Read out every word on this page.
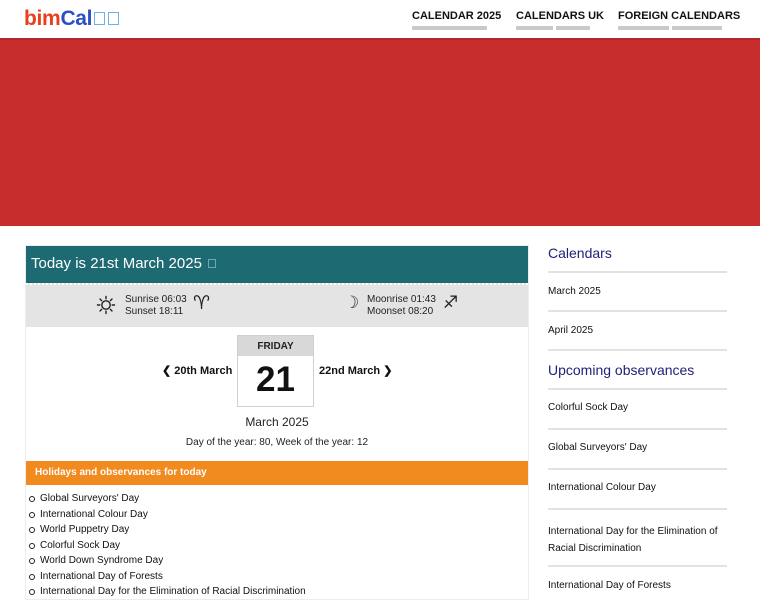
bimCal	CALENDAR 2025 CALENDARS UK FOREIGN CALENDARS
Today is 21st March 2025
Sunrise 06:03
Sunset 18:11 ♈	☽ Moonrise 01:43
Moonset 08:20 ♐
❮ 20th March
FRIDAY
21	22nd March ❯
March 2025
Day of the year: 80, Week of the year: 12
Holidays and observances for today
Global Surveyors' Day
International Colour Day
World Puppetry Day
Colorful Sock Day
World Down Syndrome Day
International Day of Forests
International Day for the Elimination of Racial Discrimination
Calendars
March 2025
April 2025
Upcoming observances
Colorful Sock Day
Global Surveyors' Day
International Colour Day
International Day for the Elimination of Racial Discrimination
International Day of Forests
